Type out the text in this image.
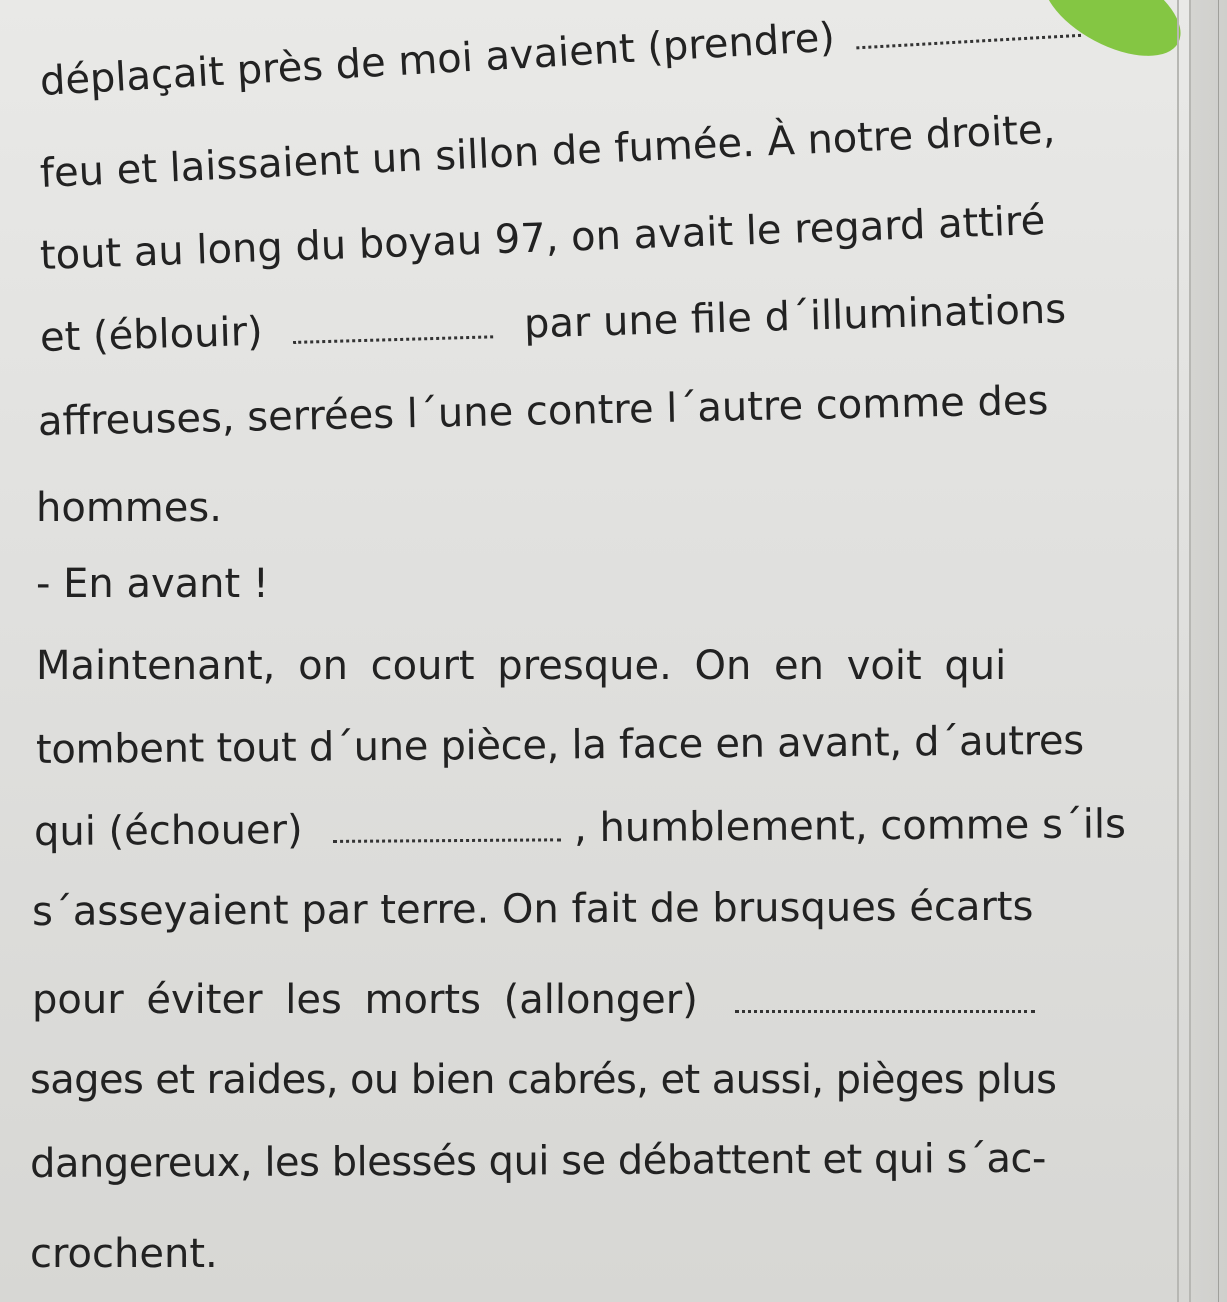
déplaçait près de moi avaient (prendre)
feu et laissaient un sillon de fumée. À notre droite,
tout au long du boyau 97, on avait le regard attiré
et (éblouir)	par une file d´illuminations
affreuses, serrées l´une contre l´autre comme des
hommes.
- En avant !
Maintenant, on court presque. On en voit qui
tombent tout d´une pièce, la face en avant, d´autres
qui (échouer)	, humblement, comme s´ils
s´asseyaient par terre. On fait de brusques écarts
pour éviter les morts (allonger)
sages et raides, ou bien cabrés, et aussi, pièges plus
dangereux, les blessés qui se débattent et qui s´ac-
crochent.
